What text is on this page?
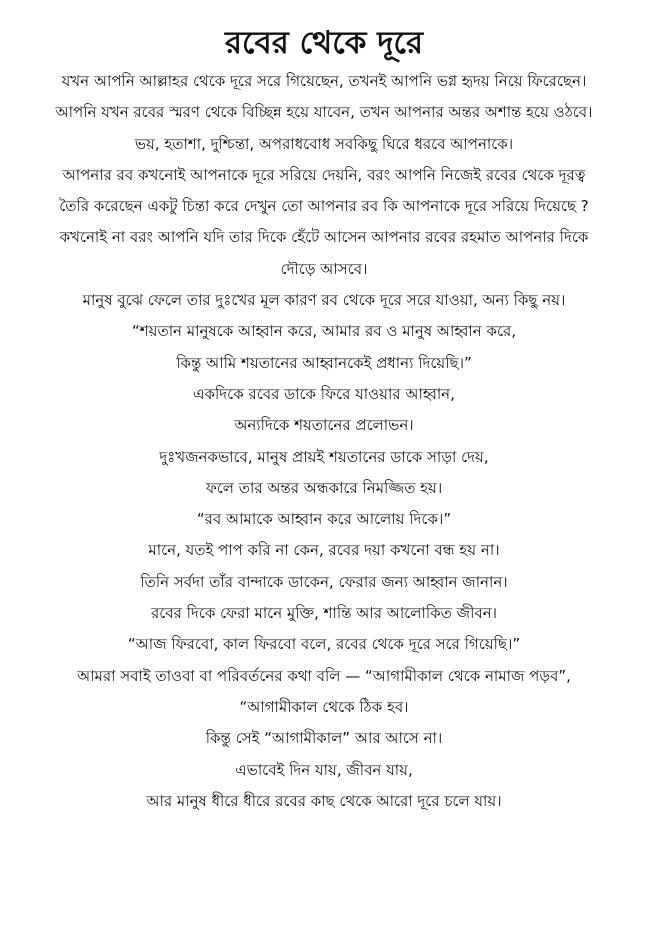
রবের থেকে দূরে
যখন আপনি আল্লাহর থেকে দূরে সরে গিয়েছেন, তখনই আপনি ভগ্ন হৃদয় নিয়ে ফিরেছেন।
আপনি যখন রবের স্মরণ থেকে বিচ্ছিন্ন হয়ে যাবেন, তখন আপনার অন্তর অশান্ত হয়ে ওঠবে।
ভয়, হতাশা, দুশ্চিন্তা, অপরাধবোধ সবকিছু ঘিরে ধরবে আপনাকে।
আপনার রব কখনোই আপনাকে দূরে সরিয়ে দেয়নি, বরং আপনি নিজেই রবের থেকে দূরত্ব
তৈরি করেছেন একটু চিন্তা করে দেখুন তো আপনার রব কি আপনাকে দূরে সরিয়ে দিয়েছে ?
কখনোই না বরং আপনি যদি তার দিকে হেঁটে আসেন আপনার রবের রহমাত আপনার দিকে
দৌড়ে আসবে।
মানুষ বুঝে ফেলে তার দুঃখের মূল কারণ রব থেকে দূরে সরে যাওয়া, অন্য কিছু নয়।
“শয়তান মানুষকে আহ্বান করে, আমার রব ও মানুষ আহ্বান করে,
কিন্তু আমি শয়তানের আহ্বানকেই প্রধান্য দিয়েছি।”
একদিকে রবের ডাকে ফিরে যাওয়ার আহ্বান,
অন্যদিকে শয়তানের প্রলোভন।
দুঃখজনকভাবে, মানুষ প্রায়ই শয়তানের ডাকে সাড়া দেয়,
ফলে তার অন্তর অন্ধকারে নিমজ্জিত হয়।
“রব আমাকে আহ্বান করে আলোয় দিকে।”
মানে, যতই পাপ করি না কেন, রবের দয়া কখনো বন্ধ হয় না।
তিনি সর্বদা তাঁর বান্দাকে ডাকেন, ফেরার জন্য আহ্বান জানান।
রবের দিকে ফেরা মানে মুক্তি, শান্তি আর আলোকিত জীবন।
“আজ ফিরবো, কাল ফিরবো বলে, রবের থেকে দূরে সরে গিয়েছি।”
আমরা সবাই তাওবা বা পরিবর্তনের কথা বলি — “আগামীকাল থেকে নামাজ পড়ব”,
“আগামীকাল থেকে ঠিক হব।
কিন্তু সেই “আগামীকাল” আর আসে না।
এভাবেই দিন যায়, জীবন যায়,
আর মানুষ ধীরে ধীরে রবের কাছ থেকে আরো দূরে চলে যায়।
